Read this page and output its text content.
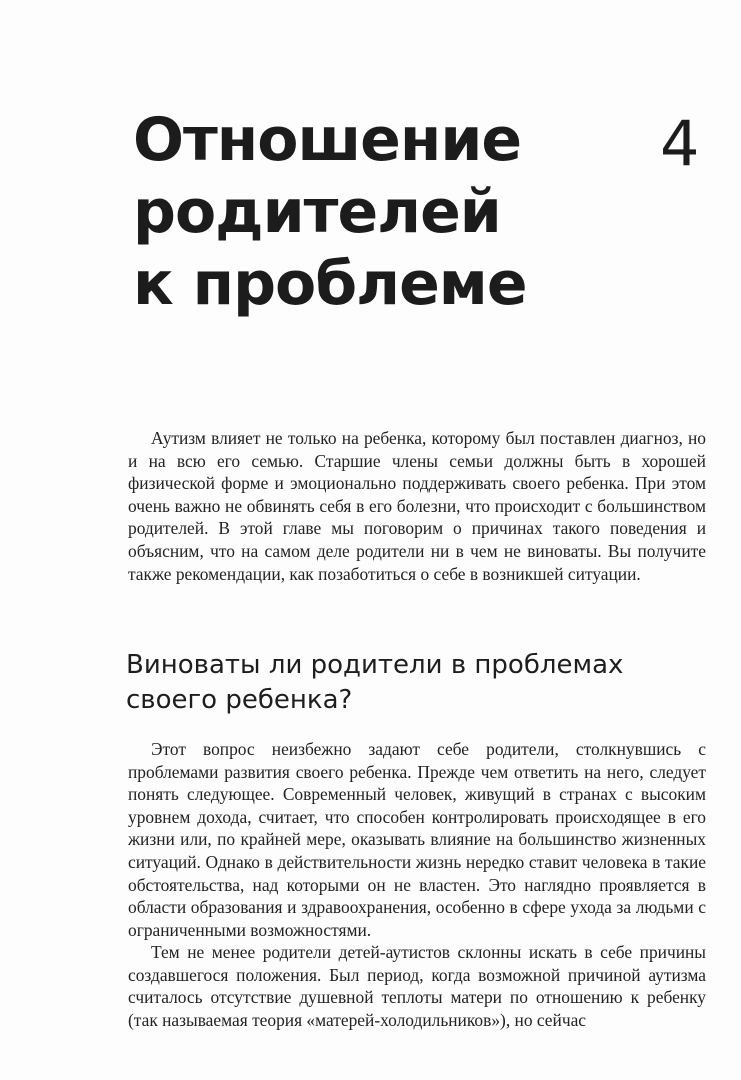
Отношение
родителей
к проблеме
4

Аутизм влияет не только на ребенка, которому был поставлен диагноз, но и на всю его семью. Старшие члены семьи должны быть в хорошей физической форме и эмоционально поддерживать своего ребенка. При этом очень важно не обвинять себя в его болезни, что происходит с большинством родителей. В этой главе мы поговорим о причинах такого поведения и объясним, что на самом деле родители ни в чем не виноваты. Вы получите также рекомендации, как позаботиться о себе в возникшей ситуации.

Виноваты ли родители в проблемах
своего ребенка?

Этот вопрос неизбежно задают себе родители, столкнувшись с проблемами развития своего ребенка. Прежде чем ответить на него, следует понять следующее. Современный человек, живущий в странах с высоким уровнем дохода, считает, что способен контролировать происходящее в его жизни или, по крайней мере, оказывать влияние на большинство жизненных ситуаций. Однако в действительности жизнь нередко ставит человека в такие обстоятельства, над которыми он не властен. Это наглядно проявляется в области образования и здравоохранения, особенно в сфере ухода за людьми с ограниченными возможностями.

Тем не менее родители детей-аутистов склонны искать в себе причины создавшегося положения. Был период, когда возможной причиной аутизма считалось отсутствие душевной теплоты матери по отношению к ребенку (так называемая теория «матерей-холодильников»), но сейчас
